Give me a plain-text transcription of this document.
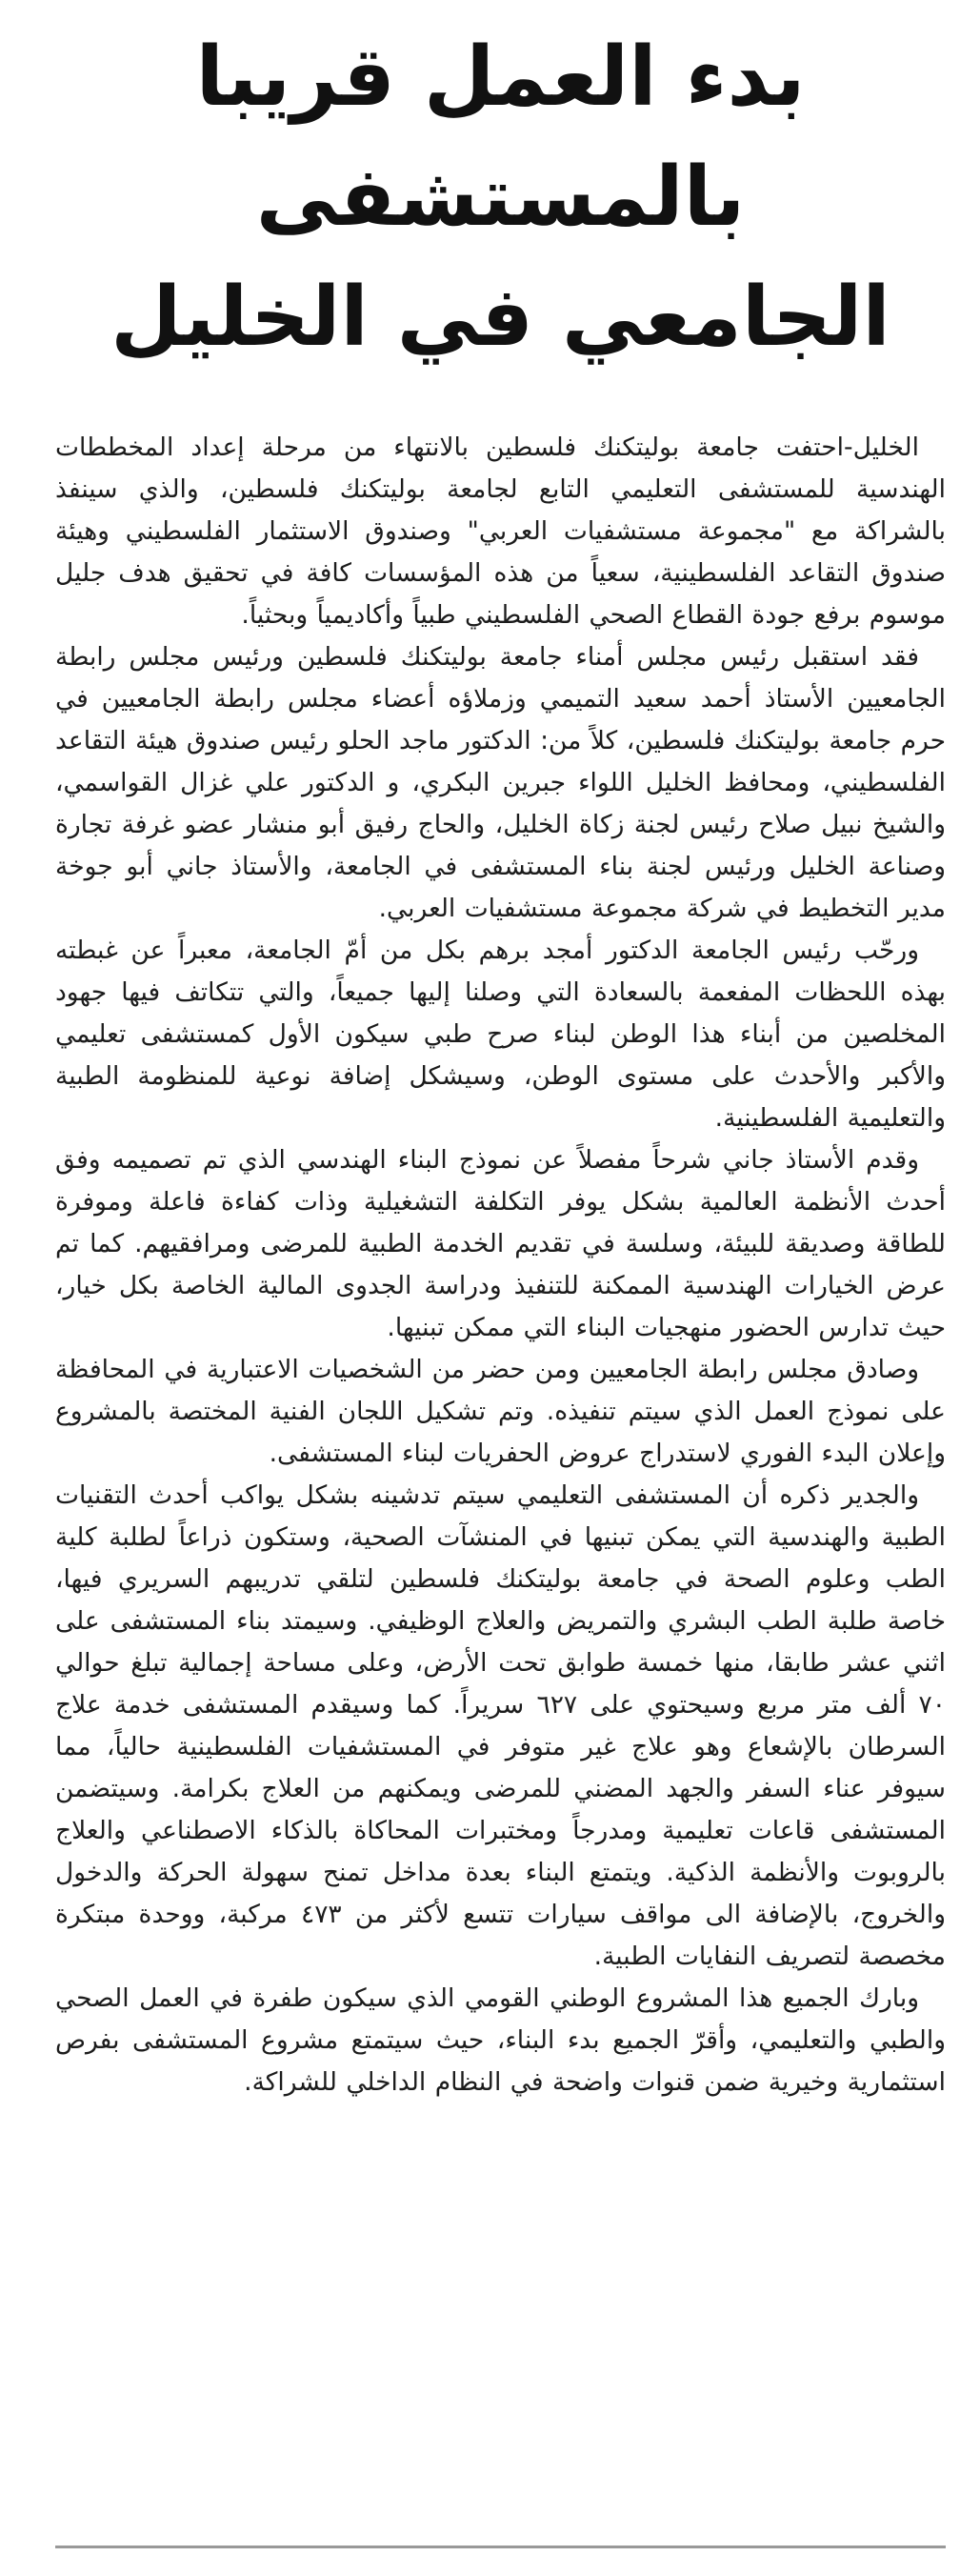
بدء العمل قريبا بالمستشفى
الجامعي في الخليل

الخليل-احتفت جامعة بوليتكنك فلسطين بالانتهاء من مرحلة إعداد المخططات الهندسية للمستشفى التعليمي التابع لجامعة بوليتكنك فلسطين، والذي سينفذ بالشراكة مع "مجموعة مستشفيات العربي" وصندوق الاستثمار الفلسطيني وهيئة صندوق التقاعد الفلسطينية، سعياً من هذه المؤسسات كافة في تحقيق هدف جليل موسوم برفع جودة القطاع الصحي الفلسطيني طبياً وأكاديمياً وبحثياً.

فقد استقبل رئيس مجلس أمناء جامعة بوليتكنك فلسطين ورئيس مجلس رابطة الجامعيين الأستاذ أحمد سعيد التميمي وزملاؤه أعضاء مجلس رابطة الجامعيين في حرم جامعة بوليتكنك فلسطين، كلاً من: الدكتور ماجد الحلو رئيس صندوق هيئة التقاعد الفلسطيني، ومحافظ الخليل اللواء جبرين البكري، و الدكتور علي غزال القواسمي، والشيخ نبيل صلاح رئيس لجنة زكاة الخليل، والحاج رفيق أبو منشار عضو غرفة تجارة وصناعة الخليل ورئيس لجنة بناء المستشفى في الجامعة، والأستاذ جاني أبو جوخة مدير التخطيط في شركة مجموعة مستشفيات العربي.

ورحّب رئيس الجامعة الدكتور أمجد برهم بكل من أمّ الجامعة، معبراً عن غبطته بهذه اللحظات المفعمة بالسعادة التي وصلنا إليها جميعاً، والتي تتكاتف فيها جهود المخلصين من أبناء هذا الوطن لبناء صرح طبي سيكون الأول كمستشفى تعليمي والأكبر والأحدث على مستوى الوطن، وسيشكل إضافة نوعية للمنظومة الطبية والتعليمية الفلسطينية.

وقدم الأستاذ جاني شرحاً مفصلاً عن نموذج البناء الهندسي الذي تم تصميمه وفق أحدث الأنظمة العالمية بشكل يوفر التكلفة التشغيلية وذات كفاءة فاعلة وموفرة للطاقة وصديقة للبيئة، وسلسة في تقديم الخدمة الطبية للمرضى ومرافقيهم. كما تم عرض الخيارات الهندسية الممكنة للتنفيذ ودراسة الجدوى المالية الخاصة بكل خيار، حيث تدارس الحضور منهجيات البناء التي ممكن تبنيها.

وصادق مجلس رابطة الجامعيين ومن حضر من الشخصيات الاعتبارية في المحافظة على نموذج العمل الذي سيتم تنفيذه. وتم تشكيل اللجان الفنية المختصة بالمشروع وإعلان البدء الفوري لاستدراج عروض الحفريات لبناء المستشفى.

والجدير ذكره أن المستشفى التعليمي سيتم تدشينه بشكل يواكب أحدث التقنيات الطبية والهندسية التي يمكن تبنيها في المنشآت الصحية، وستكون ذراعاً لطلبة كلية الطب وعلوم الصحة في جامعة بوليتكنك فلسطين لتلقي تدريبهم السريري فيها، خاصة طلبة الطب البشري والتمريض والعلاج الوظيفي. وسيمتد بناء المستشفى على اثني عشر طابقا، منها خمسة طوابق تحت الأرض، وعلى مساحة إجمالية تبلغ حوالي ٧٠ ألف متر مربع وسيحتوي على ٦٢٧ سريراً. كما وسيقدم المستشفى خدمة علاج السرطان بالإشعاع وهو علاج غير متوفر في المستشفيات الفلسطينية حالياً، مما سيوفر عناء السفر والجهد المضني للمرضى ويمكنهم من العلاج بكرامة. وسيتضمن المستشفى قاعات تعليمية ومدرجاً ومختبرات المحاكاة بالذكاء الاصطناعي والعلاج بالروبوت والأنظمة الذكية. ويتمتع البناء بعدة مداخل تمنح سهولة الحركة والدخول والخروج، بالإضافة الى مواقف سيارات تتسع لأكثر من ٤٧٣ مركبة، ووحدة مبتكرة مخصصة لتصريف النفايات الطبية.

وبارك الجميع هذا المشروع الوطني القومي الذي سيكون طفرة في العمل الصحي والطبي والتعليمي، وأقرّ الجميع بدء البناء، حيث سيتمتع مشروع المستشفى بفرص استثمارية وخيرية ضمن قنوات واضحة في النظام الداخلي للشراكة.
